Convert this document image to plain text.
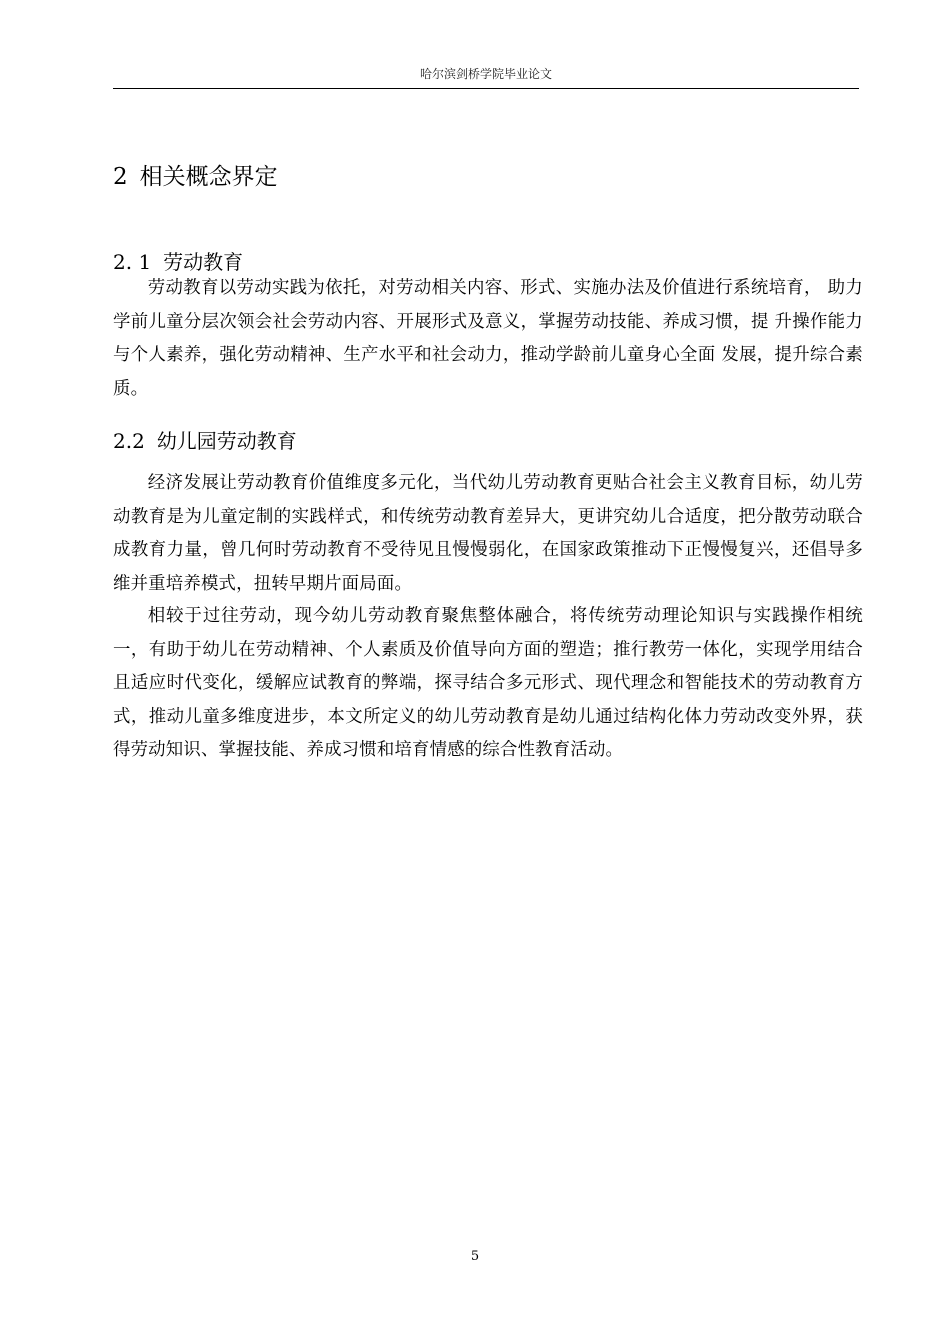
哈尔滨剑桥学院毕业论文
2 相关概念界定
2. 1 劳动教育

劳动教育以劳动实践为依托，对劳动相关内容、形式、实施办法及价值进行系统培育， 助力学前儿童分层次领会社会劳动内容、开展形式及意义，掌握劳动技能、养成习惯，提 升操作能力与个人素养，强化劳动精神、生产水平和社会动力，推动学龄前儿童身心全面 发展，提升综合素质。

2.2 幼儿园劳动教育

经济发展让劳动教育价值维度多元化，当代幼儿劳动教育更贴合社会主义教育目标，幼儿劳动教育是为儿童定制的实践样式，和传统劳动教育差异大，更讲究幼儿合适度，把分散劳动联合成教育力量，曾几何时劳动教育不受待见且慢慢弱化，在国家政策推动下正慢慢复兴，还倡导多维并重培养模式，扭转早期片面局面。

相较于过往劳动，现今幼儿劳动教育聚焦整体融合，将传统劳动理论知识与实践操作相统一，有助于幼儿在劳动精神、个人素质及价值导向方面的塑造；推行教劳一体化，实现学用结合且适应时代变化，缓解应试教育的弊端，探寻结合多元形式、现代理念和智能技术的劳动教育方式，推动儿童多维度进步，本文所定义的幼儿劳动教育是幼儿通过结构化体力劳动改变外界，获得劳动知识、掌握技能、养成习惯和培育情感的综合性教育活动。

5
